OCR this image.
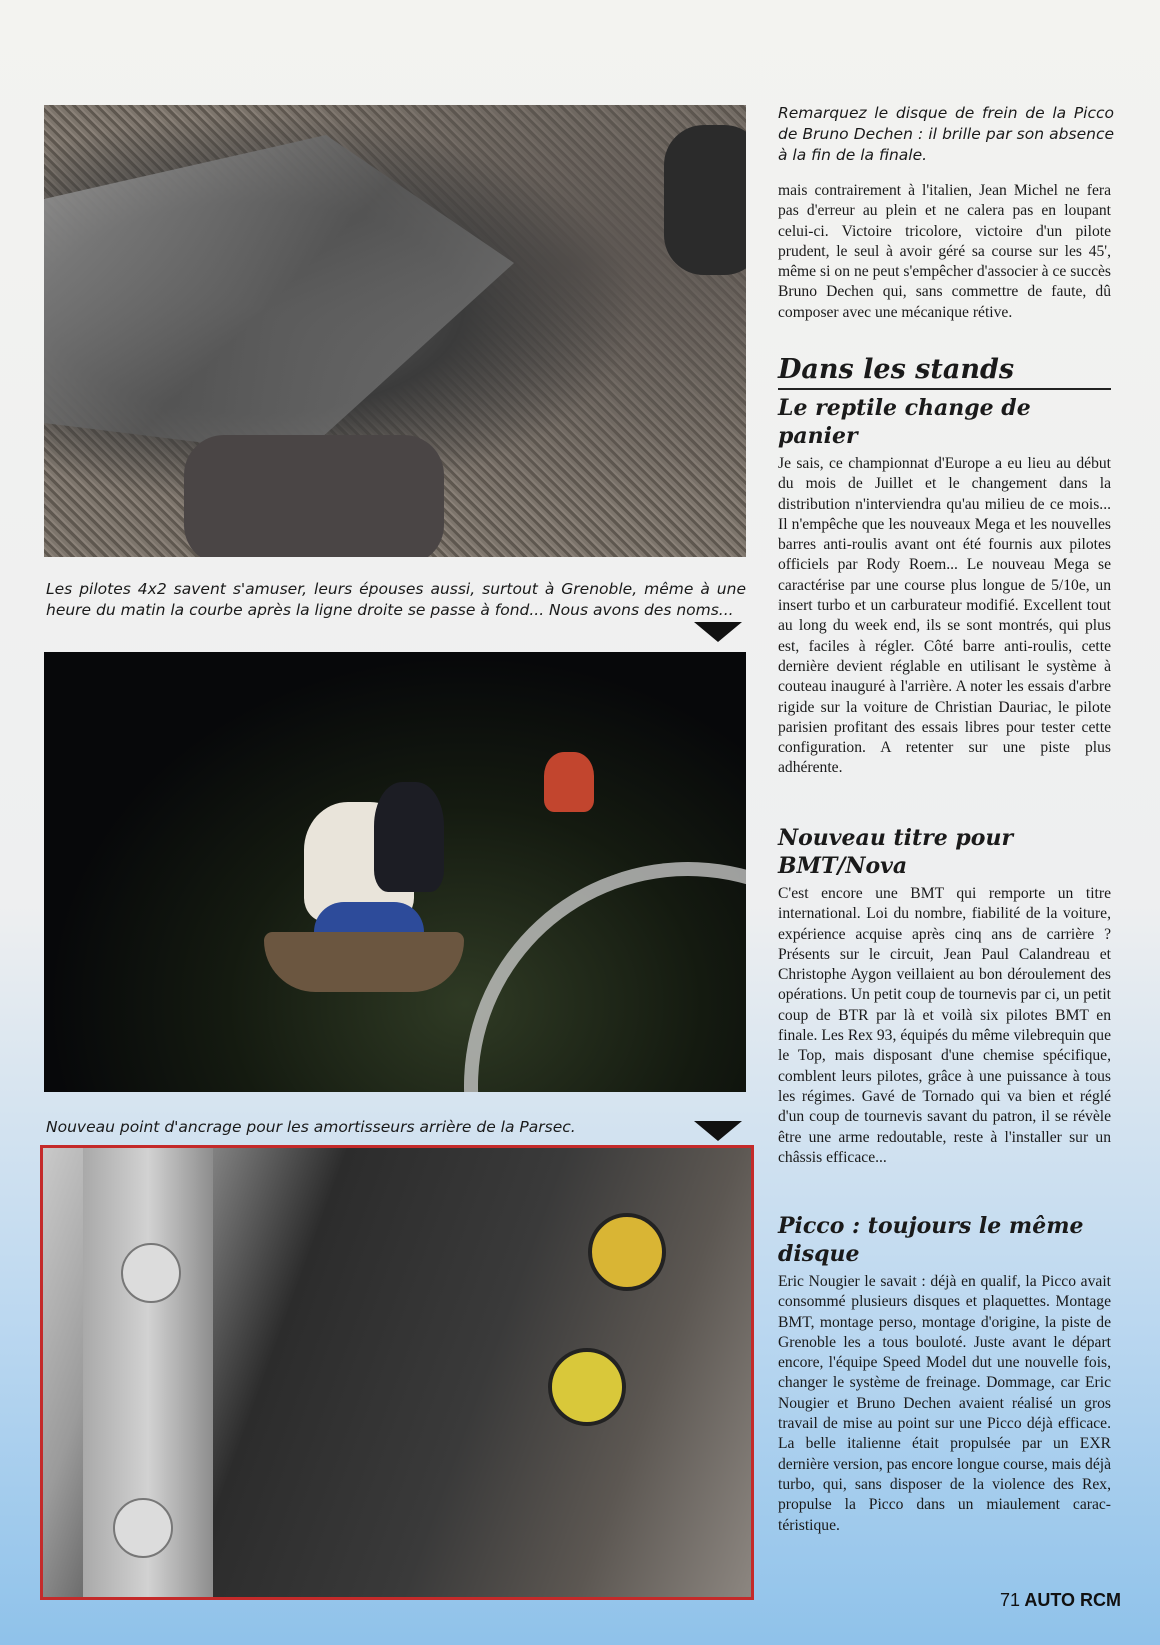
Les pilotes 4x2 savent s'amuser, leurs épouses aussi, surtout à Grenoble, même à une heure du matin la courbe après la ligne droite se passe à fond... Nous avons des noms...

Nouveau point d'ancrage pour les amortisseurs arrière de la Parsec.

Remarquez le disque de frein de la Picco de Bruno Dechen : il brille par son absence à la fin de la finale.

mais contrairement à l'italien, Jean Michel ne fera pas d'erreur au plein et ne calera pas en loupant celui-ci. Victoire tricolore, victoire d'un pilote prudent, le seul à avoir géré sa course sur les 45', même si on ne peut s'empêcher d'associer à ce succès Bruno Dechen qui, sans commettre de faute, dû composer avec une mécanique rétive.

Dans les stands
Le reptile change de panier

Je sais, ce championnat d'Europe a eu lieu au début du mois de Juillet et le changement dans la distribution n'interviendra qu'au milieu de ce mois... Il n'empêche que les nouveaux Mega et les nouvelles barres anti-roulis avant ont été fournis aux pilotes officiels par Rody Roem... Le nouveau Mega se caractérise par une course plus longue de 5/10e, un insert turbo et un carburateur modifié. Excellent tout au long du week end, ils se sont montrés, qui plus est, faciles à régler. Côté barre anti-roulis, cette dernière devient réglable en utilisant le système à couteau inauguré à l'arrière. A noter les essais d'arbre rigide sur la voiture de Christian Dauriac, le pilote parisien profitant des essais libres pour tester cette configuration. A retenter sur une piste plus adhérente.

Nouveau titre pour BMT/Nova

C'est encore une BMT qui remporte un titre international. Loi du nombre, fiabilité de la voiture, expérience acquise après cinq ans de carrière ? Présents sur le circuit, Jean Paul Calandreau et Christophe Aygon veillaient au bon déroulement des opérations. Un petit coup de tournevis par ci, un petit coup de BTR par là et voilà six pilotes BMT en finale. Les Rex 93, équipés du même vilebrequin que le Top, mais disposant d'une chemise spécifique, comblent leurs pilotes, grâce à une puissance à tous les régimes. Gavé de Tornado qui va bien et réglé d'un coup de tournevis savant du patron, il se révèle être une arme redoutable, reste à l'installer sur un châssis efficace...

Picco : toujours le même disque

Eric Nougier le savait : déjà en qualif, la Picco avait consommé plusieurs disques et plaquettes. Montage BMT, montage perso, montage d'origine, la piste de Grenoble les a tous bouloté. Juste avant le départ encore, l'équipe Speed Model dut une nouvelle fois, changer le système de freinage. Dommage, car Eric Nougier et Bruno Dechen avaient réalisé un gros travail de mise au point sur une Picco déjà efficace. La belle italienne était propulsée par un EXR dernière version, pas encore longue course, mais déjà turbo, qui, sans disposer de la violence des Rex, propulse la Picco dans un miaulement caractéristique.

71 AUTO RCM
